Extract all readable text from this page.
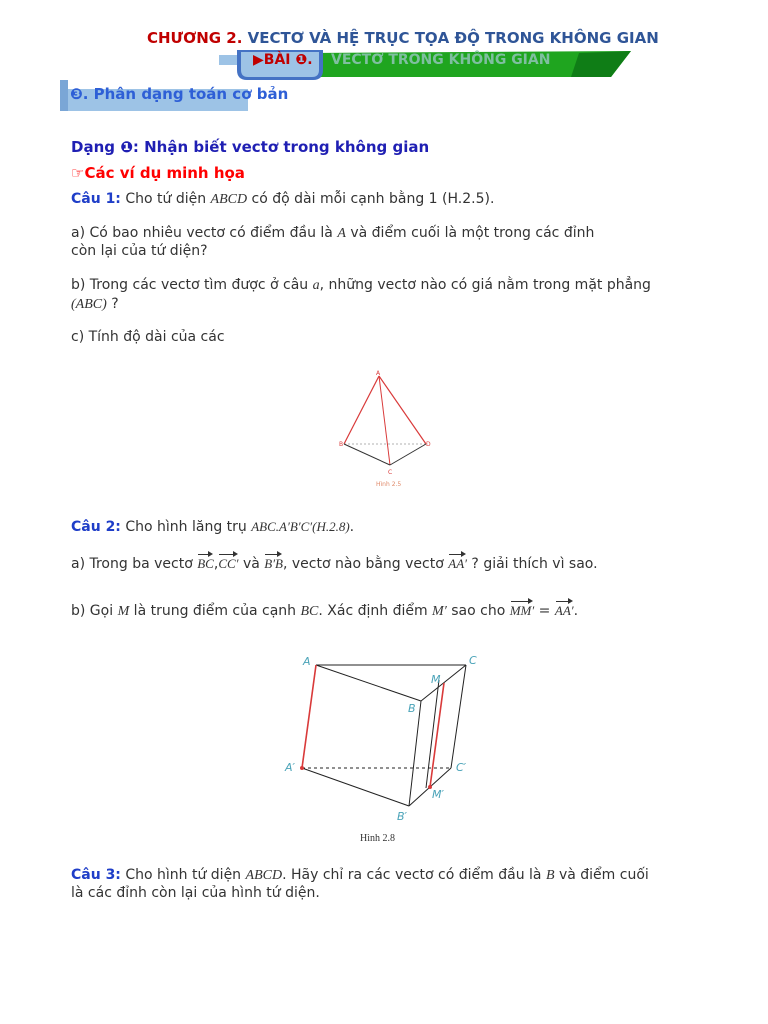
CHƯƠNG 2. VECTƠ VÀ HỆ TRỤC TỌA ĐỘ TRONG KHÔNG GIAN
▶BÀI ❶. VECTƠ TRONG KHÔNG GIAN
❸. Phân dạng toán cơ bản
Dạng ❶: Nhận biết vectơ trong không gian
☞Các ví dụ minh họa
Câu 1: Cho tứ diện ABCD có độ dài mỗi cạnh bằng 1 (H.2.5).
a) Có bao nhiêu vectơ có điểm đầu là A và điểm cuối là một trong các đỉnh
còn lại của tứ diện?
b) Trong các vectơ tìm được ở câu a, những vectơ nào có giá nằm trong mặt phẳng
(ABC) ?
c) Tính độ dài của các
A
B	D
C
Hình 2.5
Câu 2: Cho hình lăng trụ ABC.A′B′C′(H.2.8).
a) Trong ba vectơ BC,CC′ và B′B, vectơ nào bằng vectơ AA′ ? giải thích vì sao.
b) Gọi M là trung điểm của cạnh BC. Xác định điểm M′ sao cho MM′ = AA′.
A	C
B
M
A′	C′
B′
M′
Hình 2.8
Câu 3: Cho hình tứ diện ABCD. Hãy chỉ ra các vectơ có điểm đầu là B và điểm cuối
là các đỉnh còn lại của hình tứ diện.
